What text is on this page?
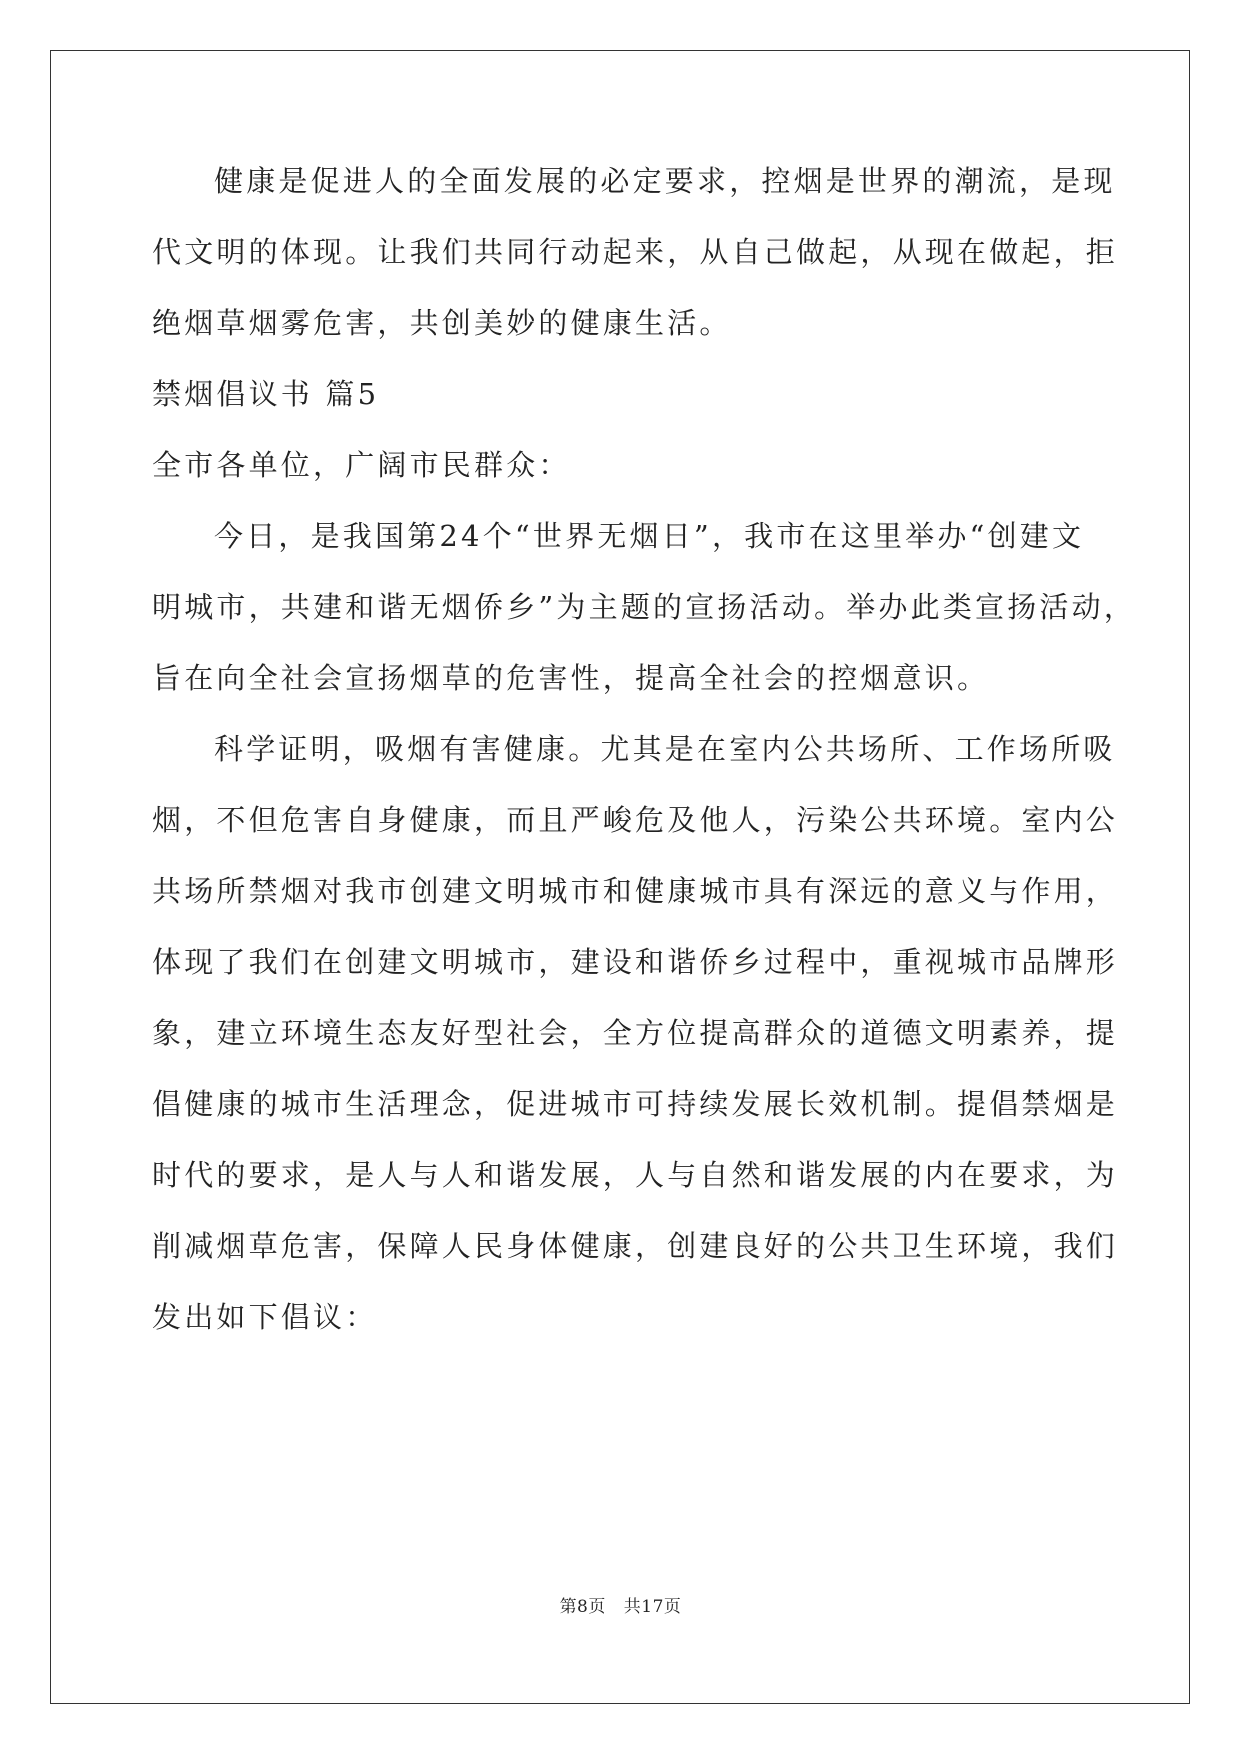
健康是促进人的全面发展的必定要求，控烟是世界的潮流，是现
代文明的体现。让我们共同行动起来，从自己做起，从现在做起，拒
绝烟草烟雾危害，共创美妙的健康生活。
禁烟倡议书 篇5
全市各单位，广阔市民群众：
今日，是我国第24个“世界无烟日”，我市在这里举办“创建文
明城市，共建和谐无烟侨乡”为主题的宣扬活动。举办此类宣扬活动，
旨在向全社会宣扬烟草的危害性，提高全社会的控烟意识。
科学证明，吸烟有害健康。尤其是在室内公共场所、工作场所吸
烟，不但危害自身健康，而且严峻危及他人，污染公共环境。室内公
共场所禁烟对我市创建文明城市和健康城市具有深远的意义与作用，
体现了我们在创建文明城市，建设和谐侨乡过程中，重视城市品牌形
象，建立环境生态友好型社会，全方位提高群众的道德文明素养，提
倡健康的城市生活理念，促进城市可持续发展长效机制。提倡禁烟是
时代的要求，是人与人和谐发展，人与自然和谐发展的内在要求，为
削减烟草危害，保障人民身体健康，创建良好的公共卫生环境，我们
发出如下倡议：
第8页 共17页
